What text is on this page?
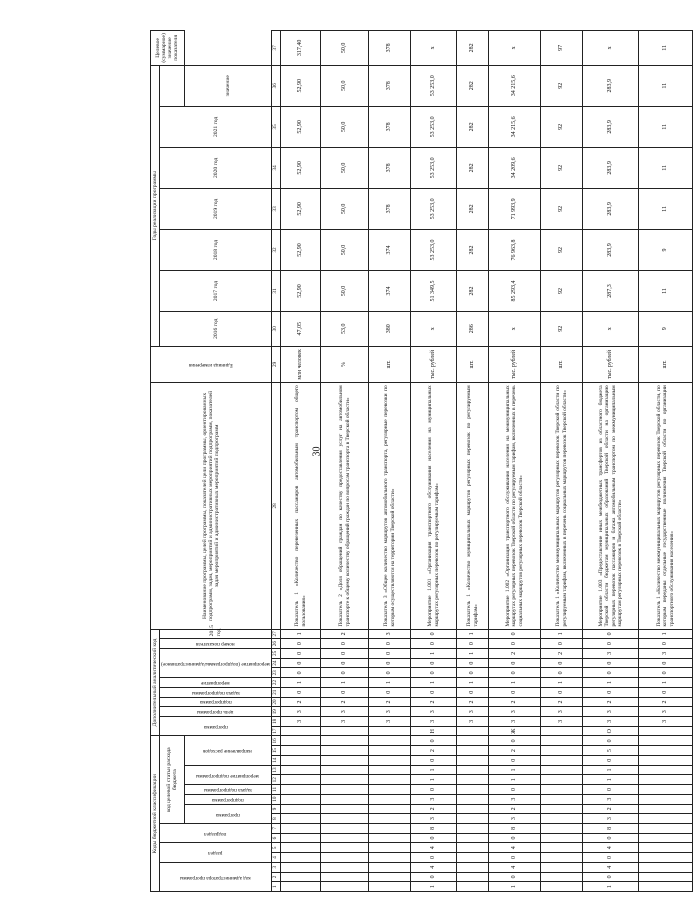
30
Коды бюджетной классификации																Дополнительный аналитический код											Наименование программы, целей программы, показателей цели программы, ориентированных подпрограмм, задач, мероприятий и административных мероприятий подпрограмм, показателей задач мероприятий и административных мероприятий подпрограмм	Единица измерения	Годы реализации программы							Целевое (суммарное) значение показателя

код администратора программы			раздел		подраздел		код целевой статьи расхода бюджета									программа		цель программы	подпрограмма	задача подпрограммы	мероприятие	мероприятие (подпрограммы/административное)			номер показателя	2015 год			2016 год	2017 год	2018 год	2019 год	2020 год	2021 год		

							программа		подпрограмма	задача подпрограммы	мероприятие подпрограммы		направление расходов																						значение	
1	2	3	4	5	6	7	8	9	10	11	12	13	14	15	16	17	18	19	20	21	22	23	24	25	26	27	28	29	30	31	32	33	34	35	36	37
																	3	3	2	0	1	0	0	0	0	1	Показатель 1 «Количество перевезенных пассажиров автомобильным транспортом общего пользования»	млн человек	47,05	52,90	52,90	52,90	52,90	52,90	52,90	317,40
																	3	3	2	0	1	0	0	0	0	2	Показатель 2 «Доля обращений граждан по качеству предоставления услуг на автомобильном транспорте к общему количеству обращений граждан по вопросам транспорта в Тверской области»	%	53,0	50,0	50,0	50,0	50,0	50,0	50,0	50,0
																	3	3	2	0	1	0	0	0	0	3	Показатель 3 «Общее количество маршрутов автомобильного транспорта, регулярные перевозки по которым осуществляются на территории Тверской области»	шт.	380	374	374	378	378	378	378	378
1	0	4	0	4	0	8	3	2	3	0	1	1	0	2	0	Н	3	3	2	0	1	0	0	1	0	0	Мероприятие 1.001 «Организация транспортного обслуживания населения на муниципальных маршрутах регулярных перевозок по регулируемым тарифам»	тыс. рублей	х	51 349,5	53 253,0	53 253,0	53 253,0	53 253,0	53 253,0	х
																	3	3	2	0	1	0	0	1	0	1	Показатель 1 «Количество муниципальных маршрутов регулярных перевозок по регулируемым тарифам»	шт.	286	282	282	282	282	282	282	282
1	0	4	0	4	0	8	3	2	3	0	1	1	0	2	0	Ж	3	3	2	0	1	0	0	2	0	0	Мероприятие 1.002 «Организация транспортного обслуживания населения на межмуниципальных маршрутах регулярных перевозок Тверской области по регулируемым тарифам, включенных в перечень социальных маршрутов регулярных перевозок Тверской области»	тыс. рублей	х	85 293,4	76 963,8	71 993,9	34 209,6	34 215,6	34 215,6	х
																	3	3	2	0	1	0	0	2	0	1	Показатель 1 «Количество межмуниципальных маршрутов регулярных перевозок Тверской области по регулируемым тарифам, включенных в перечень социальных маршрутов перевозок Тверской области»	шт.	92	92	92	92	92	92	92	97
1	0	4	0	4	0	8	3	2	3	0	1	1	0	5	0	О	3	3	2	0	1	0	0	3	0	0	Мероприятие 1.003 «Предоставление иных межбюджетных трансфертов из областного бюджета Тверской области бюджетам муниципальных образований Тверской области на организацию регулярных перевозок пассажиров и багажа автомобильным транспортом по межмуниципальным маршрутам регулярных перевозок в Тверской области»	тыс. рублей	х	287,3	283,9	283,9	283,9	283,9	283,9	х
																	3	3	2	0	1	0	0	3	0	1	Показатель 1 «Количество межмуниципальных маршрутов регулярных перевозок Тверской области, по которым переданы отдельные государственные полномочия Тверской области по организации транспортного обслуживания населения»	шт.	9	11	9	11	11	11	11	11
